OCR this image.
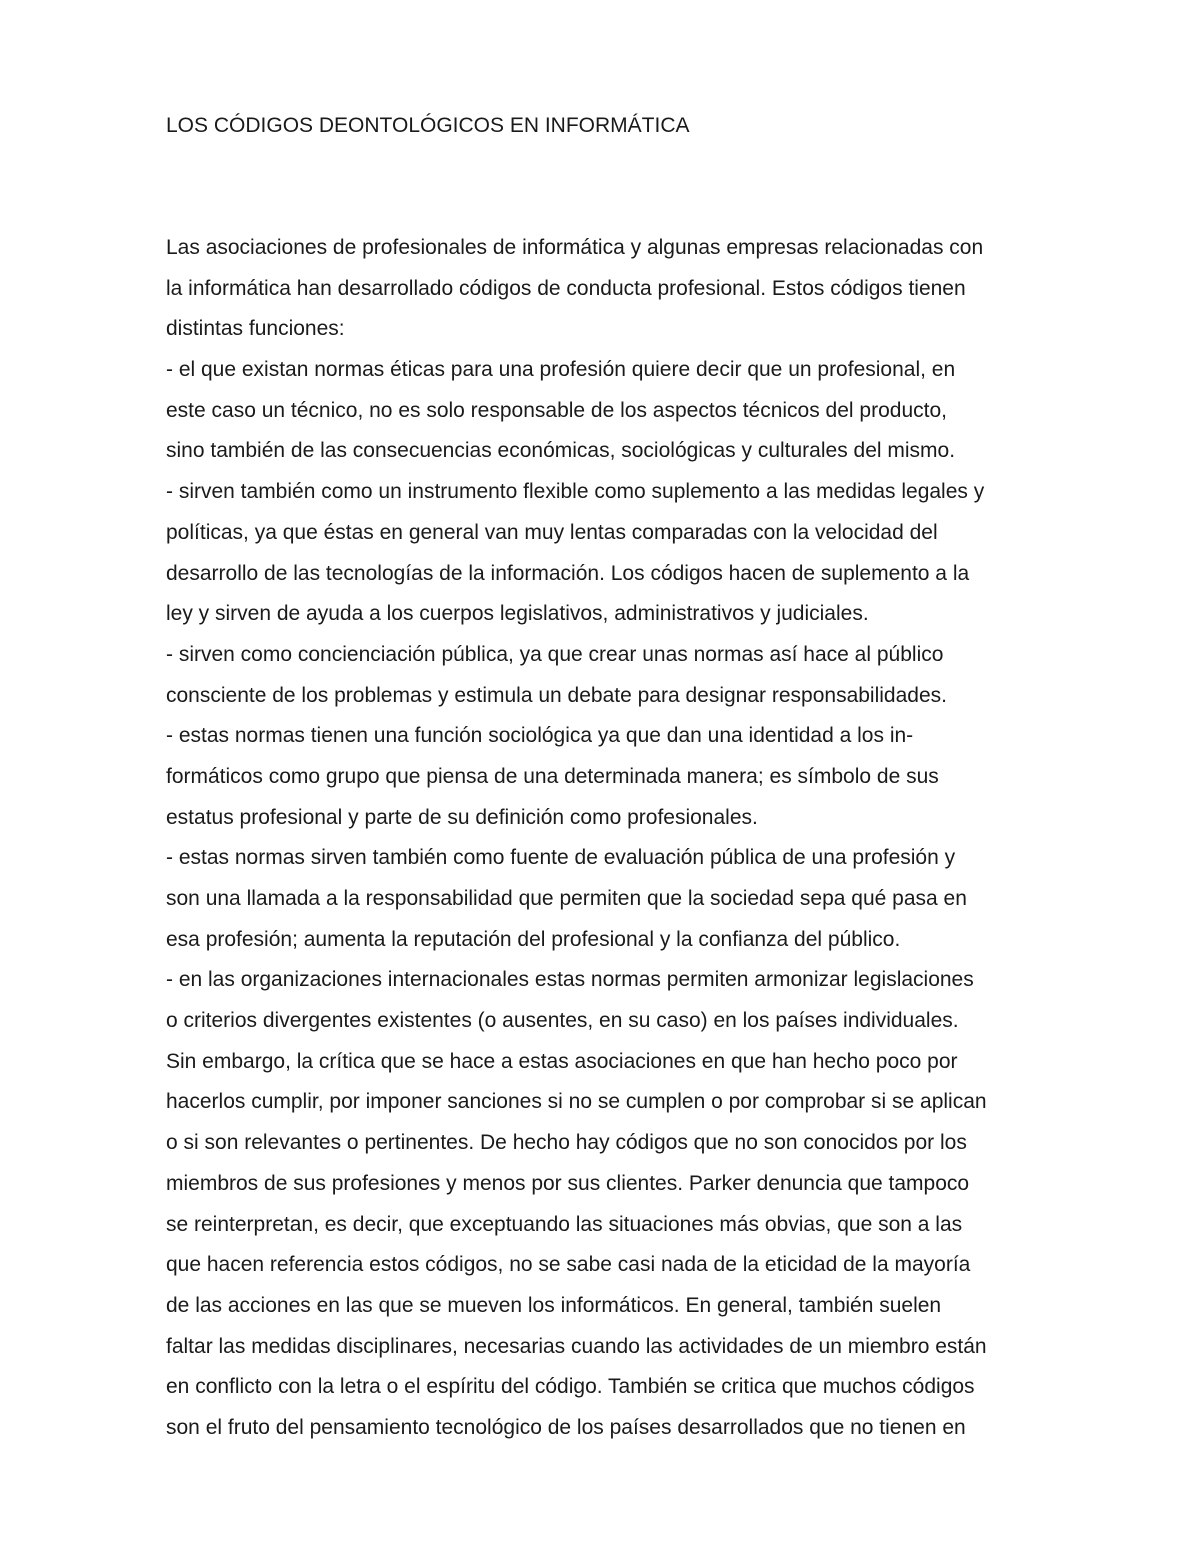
LOS CÓDIGOS DEONTOLÓGICOS EN INFORMÁTICA
Las asociaciones de profesionales de informática y algunas empresas relacionadas con
la informática han desarrollado códigos de conducta profesional. Estos códigos tienen
distintas funciones:
- el que existan normas éticas para una profesión quiere decir que un profesional, en
este caso un técnico, no es solo responsable de los aspectos técnicos del producto,
sino también de las consecuencias económicas, sociológicas y culturales del mismo.
- sirven también como un instrumento flexible como suplemento a las medidas legales y
políticas, ya que éstas en general van muy lentas comparadas con la velocidad del
desarrollo de las tecnologías de la información. Los códigos hacen de suplemento a la
ley y sirven de ayuda a los cuerpos legislativos, administrativos y judiciales.
- sirven como concienciación pública, ya que crear unas normas así hace al público
consciente de los problemas y estimula un debate para designar responsabilidades.
- estas normas tienen una función sociológica ya que dan una identidad a los in-
formáticos como grupo que piensa de una determinada manera; es símbolo de sus
estatus profesional y parte de su definición como profesionales.
- estas normas sirven también como fuente de evaluación pública de una profesión y
son una llamada a la responsabilidad que permiten que la sociedad sepa qué pasa en
esa profesión; aumenta la reputación del profesional y la confianza del público.
- en las organizaciones internacionales estas normas permiten armonizar legislaciones
o criterios divergentes existentes (o ausentes, en su caso) en los países individuales.
Sin embargo, la crítica que se hace a estas asociaciones en que han hecho poco por
hacerlos cumplir, por imponer sanciones si no se cumplen o por comprobar si se aplican
o si son relevantes o pertinentes. De hecho hay códigos que no son conocidos por los
miembros de sus profesiones y menos por sus clientes. Parker denuncia que tampoco
se reinterpretan, es decir, que exceptuando las situaciones más obvias, que son a las
que hacen referencia estos códigos, no se sabe casi nada de la eticidad de la mayoría
de las acciones en las que se mueven los informáticos. En general, también suelen
faltar las medidas disciplinares, necesarias cuando las actividades de un miembro están
en conflicto con la letra o el espíritu del código. También se critica que muchos códigos
son el fruto del pensamiento tecnológico de los países desarrollados que no tienen en
